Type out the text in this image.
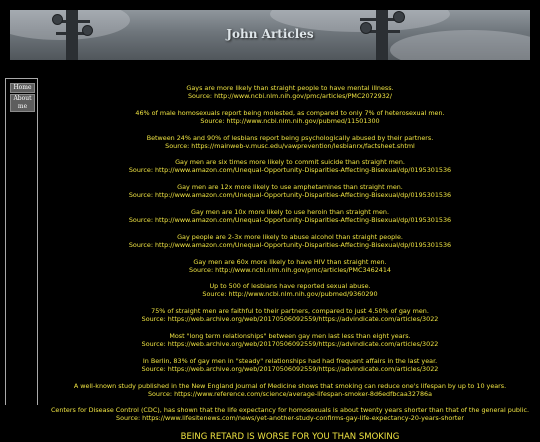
John Articles
Home
About me
Gays are more likely than straight people to have mental illness.
Source: http://www.ncbi.nlm.nih.gov/pmc/articles/PMC2072932/
46% of male homosexuals report being molested, as compared to only 7% of heterosexual men.
Source: http://www.ncbi.nlm.nih.gov/pubmed/11501300
Between 24% and 90% of lesbians report being psychologically abused by their partners.
Source: https://mainweb-v.musc.edu/vawprevention/lesbianrx/factsheet.shtml
Gay men are six times more likely to commit suicide than straight men.
Source: http://www.amazon.com/Unequal-Opportunity-Disparities-Affecting-Bisexual/dp/0195301536
Gay men are 12x more likely to use amphetamines than straight men.
Source: http://www.amazon.com/Unequal-Opportunity-Disparities-Affecting-Bisexual/dp/0195301536
Gay men are 10x more likely to use heroin than straight men.
Source: http://www.amazon.com/Unequal-Opportunity-Disparities-Affecting-Bisexual/dp/0195301536
Gay people are 2-3x more likely to abuse alcohol than straight people.
Source: http://www.amazon.com/Unequal-Opportunity-Disparities-Affecting-Bisexual/dp/0195301536
Gay men are 60x more likely to have HIV than straight men.
Source: http://www.ncbi.nlm.nih.gov/pmc/articles/PMC3462414
Up to 500 of lesbians have reported sexual abuse.
Source: http://www.ncbi.nlm.nih.gov/pubmed/9360290
75% of straight men are faithful to their partners, compared to just 4.50% of gay men.
Source: https://web.archive.org/web/20170506092559/https://advindicate.com/articles/3022
Most "long term relationships" between gay men last less than eight years.
Source: https://web.archive.org/web/20170506092559/https://advindicate.com/articles/3022
In Berlin, 83% of gay men in "steady" relationships had had frequent affairs in the last year.
Source: https://web.archive.org/web/20170506092559/https://advindicate.com/articles/3022
A well-known study published in the New England Journal of Medicine shows that smoking can reduce one's lifespan by up to 10 years.
Source: https://www.reference.com/science/average-lifespan-smoker-8d6edfbcaa32786a
Centers for Disease Control (CDC), has shown that the life expectancy for homosexuals is about twenty years shorter than that of the general public.
Source: https://www.lifesitenews.com/news/yet-another-study-confirms-gay-life-expectancy-20-years-shorter
BEING RETARD IS WORSE FOR YOU THAN SMOKING
